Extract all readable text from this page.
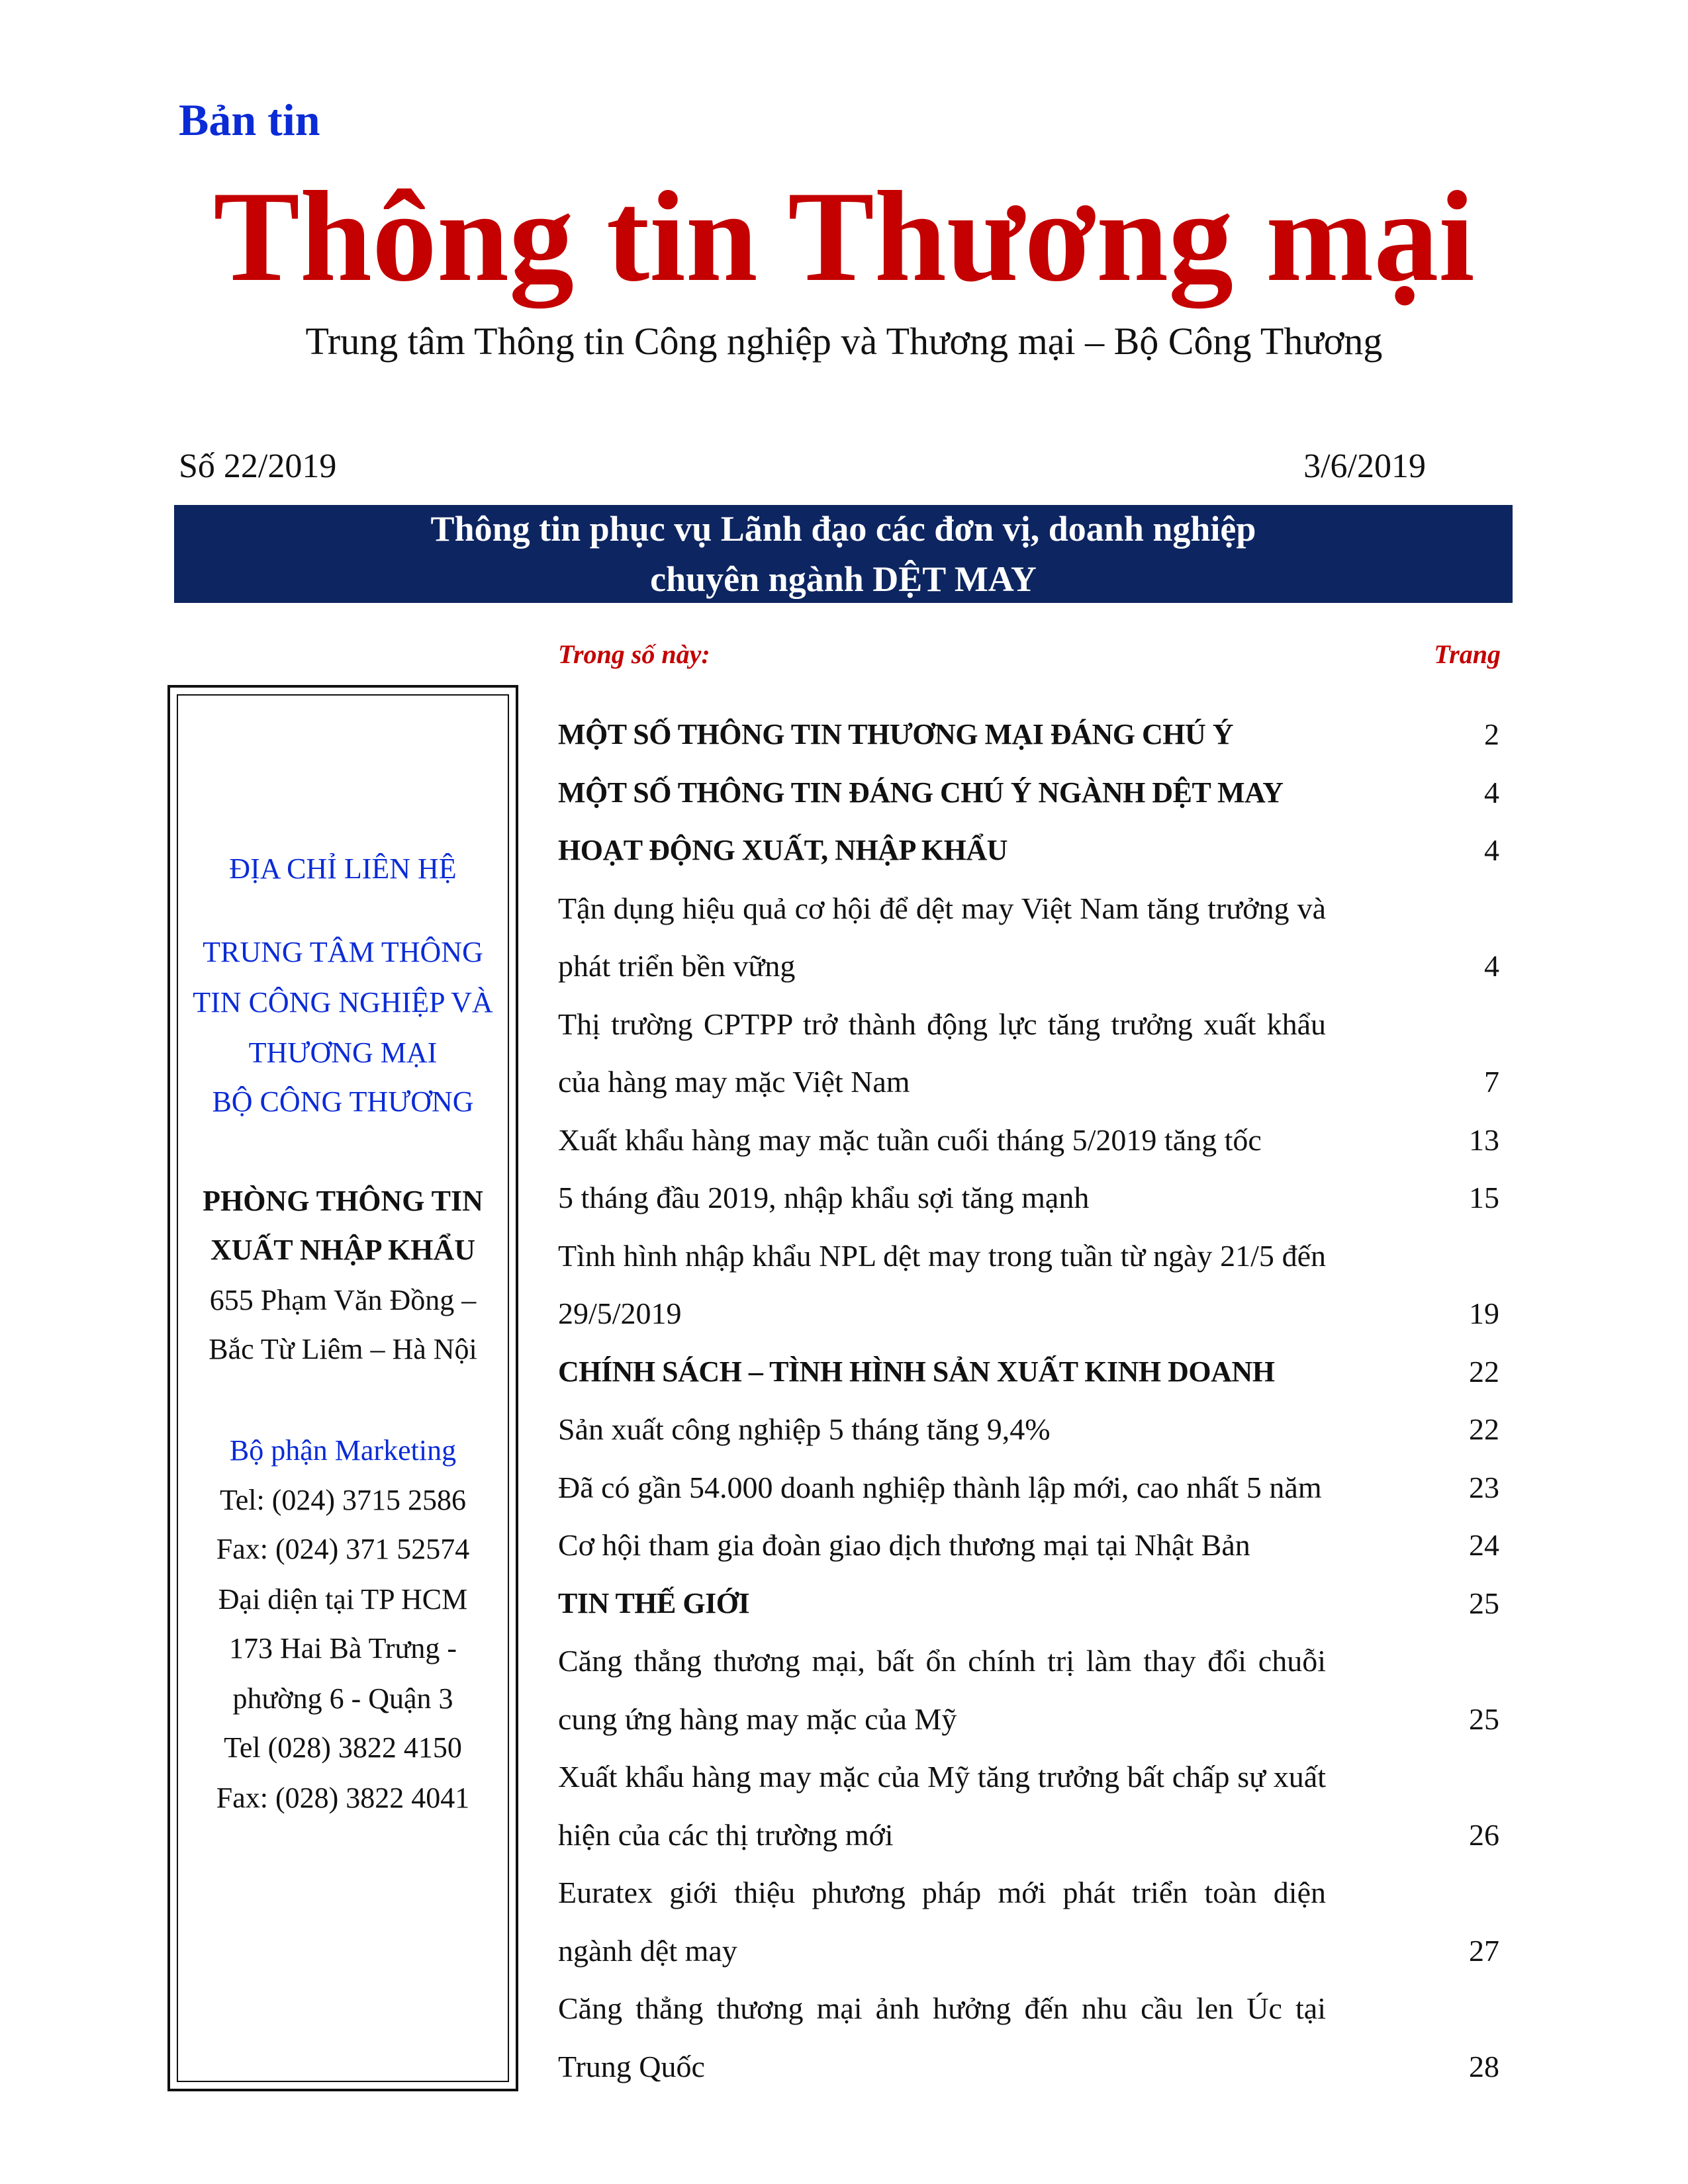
Bản tin
Thông tin Thương mại
Trung tâm Thông tin Công nghiệp và Thương mại – Bộ Công Thương
Số 22/2019	3/6/2019
Thông tin phục vụ Lãnh đạo các đơn vị, doanh nghiệp
chuyên ngành DỆT MAY
Trong số này:	Trang
ĐỊA CHỈ LIÊN HỆ
TRUNG TÂM THÔNG
TIN CÔNG NGHIỆP VÀ
THƯƠNG MẠI
BỘ CÔNG THƯƠNG
PHÒNG THÔNG TIN
XUẤT NHẬP KHẨU
655 Phạm Văn Đồng –
Bắc Từ Liêm – Hà Nội
Bộ phận Marketing
Tel: (024) 3715 2586
Fax: (024) 371 52574
Đại diện tại TP HCM
173 Hai Bà Trưng -
phường 6 - Quận 3
Tel (028) 3822 4150
Fax: (028) 3822 4041
MỘT SỐ THÔNG TIN THƯƠNG MẠI ĐÁNG CHÚ Ý	2
MỘT SỐ THÔNG TIN ĐÁNG CHÚ Ý NGÀNH DỆT MAY	4
HOẠT ĐỘNG XUẤT, NHẬP KHẨU	4
Tận dụng hiệu quả cơ hội để dệt may Việt Nam tăng trưởng và phát triển bền vững	4
Thị trường CPTPP trở thành động lực tăng trưởng xuất khẩu của hàng may mặc Việt Nam	7
Xuất khẩu hàng may mặc tuần cuối tháng 5/2019 tăng tốc	13
5 tháng đầu 2019, nhập khẩu sợi tăng mạnh	15
Tình hình nhập khẩu NPL dệt may trong tuần từ ngày 21/5 đến 29/5/2019	19
CHÍNH SÁCH – TÌNH HÌNH SẢN XUẤT KINH DOANH	22
Sản xuất công nghiệp 5 tháng tăng 9,4%	22
Đã có gần 54.000 doanh nghiệp thành lập mới, cao nhất 5 năm	23
Cơ hội tham gia đoàn giao dịch thương mại tại Nhật Bản	24
TIN THẾ GIỚI	25
Căng thẳng thương mại, bất ổn chính trị làm thay đổi chuỗi cung ứng hàng may mặc của Mỹ	25
Xuất khẩu hàng may mặc của Mỹ tăng trưởng bất chấp sự xuất hiện của các thị trường mới	26
Euratex giới thiệu phương pháp mới phát triển toàn diện ngành dệt may	27
Căng thẳng thương mại ảnh hưởng đến nhu cầu len Úc tại Trung Quốc	28
